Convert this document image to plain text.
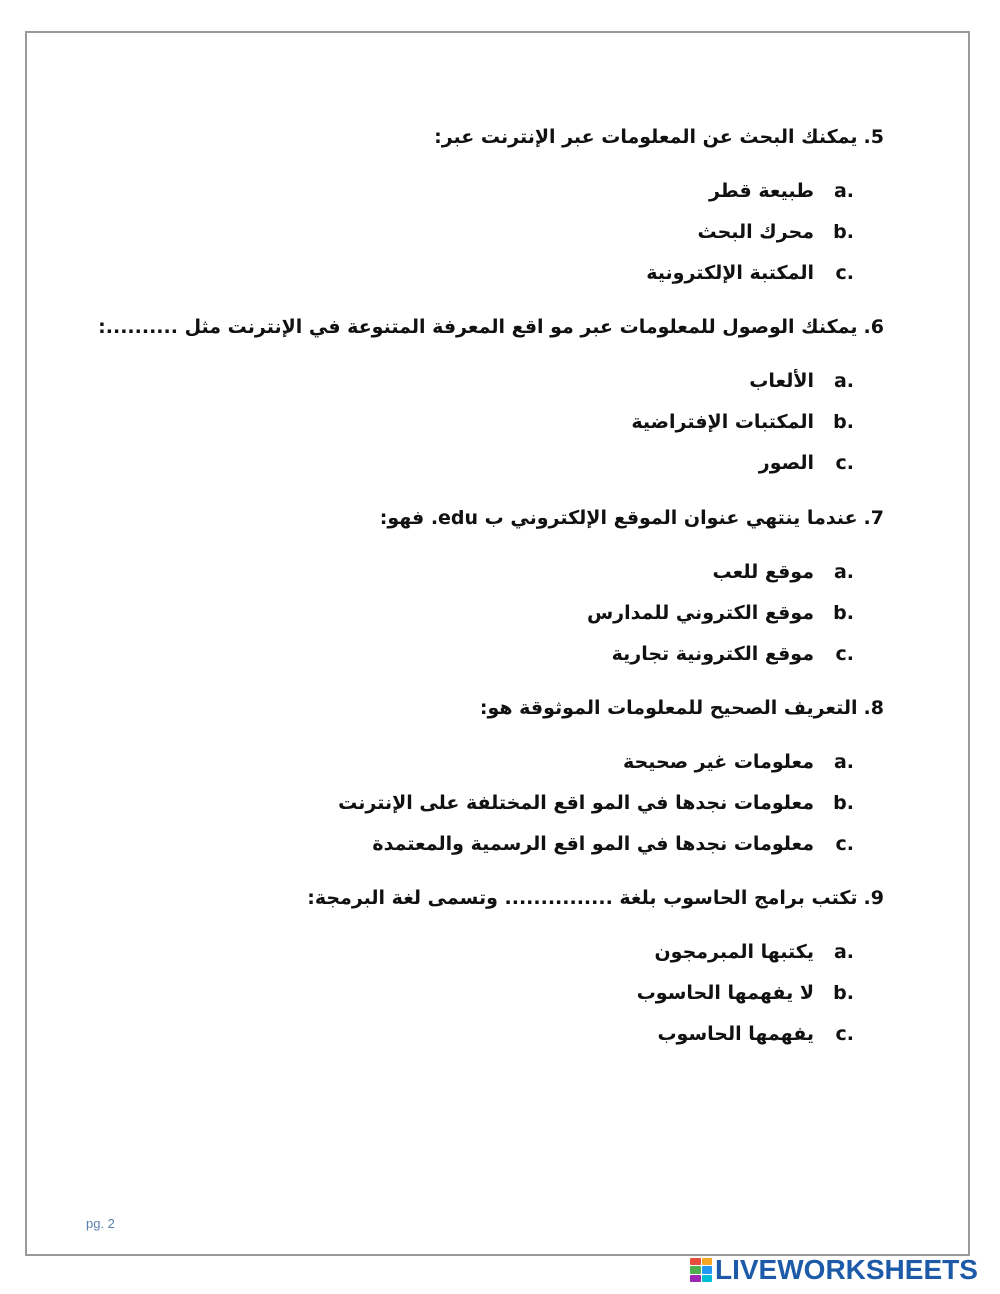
5.يمكنك البحث عن المعلومات عبر الإنترنت عبر:
a.طبيعة قطر
b.محرك البحث
c.المكتبة الإلكترونية
6.يمكنك الوصول للمعلومات عبر مو اقع المعرفة المتنوعة في الإنترنت مثل ..........:
a.الألعاب
b.المكتبات الإفتراضية
c.الصور
7.عندما ينتهي عنوان الموقع الإلكتروني ب edu. فهو:
a.موقع للعب
b.موقع الكتروني للمدارس
c.موقع الكترونية تجارية
8.التعريف الصحيح للمعلومات الموثوقة هو:
a.معلومات غير صحيحة
b.معلومات نجدها في المو اقع المختلفة على الإنترنت
c.معلومات نجدها في المو اقع الرسمية والمعتمدة
9.تكتب برامج الحاسوب بلغة ............... وتسمى لغة البرمجة:
a.يكتبها المبرمجون
b.لا يفهمها الحاسوب
c.يفهمها الحاسوب
pg. 2
LIVEWORKSHEETS
